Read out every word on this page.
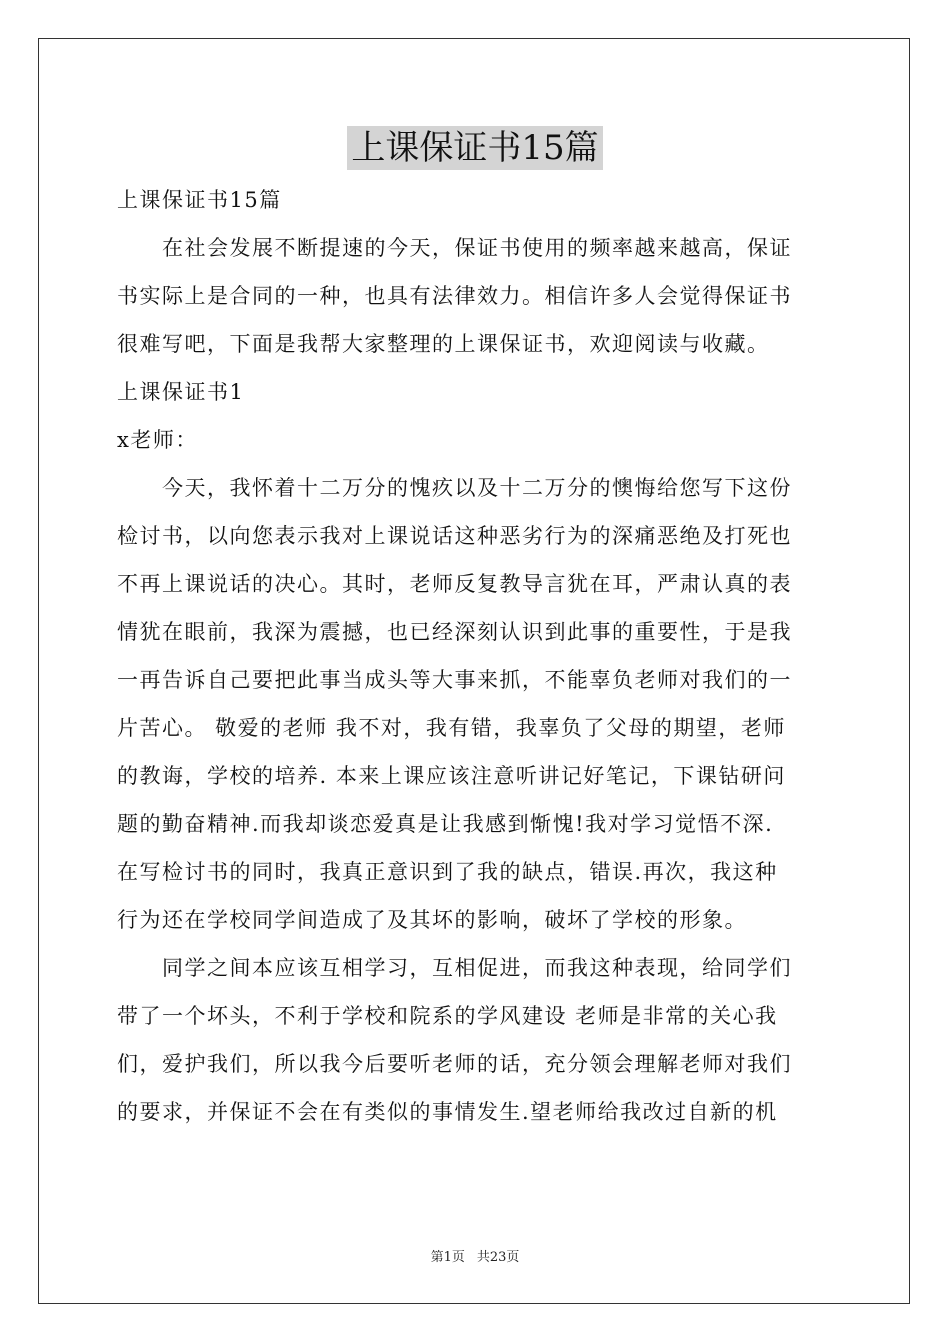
上课保证书15篇
上课保证书15篇
　　在社会发展不断提速的今天，保证书使用的频率越来越高，保证
书实际上是合同的一种，也具有法律效力。相信许多人会觉得保证书
很难写吧，下面是我帮大家整理的上课保证书，欢迎阅读与收藏。
上课保证书1
x老师：
　　今天，我怀着十二万分的愧疚以及十二万分的懊悔给您写下这份
检讨书，以向您表示我对上课说话这种恶劣行为的深痛恶绝及打死也
不再上课说话的决心。其时，老师反复教导言犹在耳，严肃认真的表
情犹在眼前，我深为震撼，也已经深刻认识到此事的重要性，于是我
一再告诉自己要把此事当成头等大事来抓，不能辜负老师对我们的一
片苦心。 敬爱的老师 我不对，我有错，我辜负了父母的期望，老师
的教诲，学校的培养. 本来上课应该注意听讲记好笔记，下课钻研问
题的勤奋精神.而我却谈恋爱真是让我感到惭愧!我对学习觉悟不深.
在写检讨书的同时，我真正意识到了我的缺点，错误.再次，我这种
行为还在学校同学间造成了及其坏的影响，破坏了学校的形象。
　　同学之间本应该互相学习，互相促进，而我这种表现，给同学们
带了一个坏头，不利于学校和院系的学风建设 老师是非常的关心我
们，爱护我们，所以我今后要听老师的话，充分领会理解老师对我们
的要求，并保证不会在有类似的事情发生.望老师给我改过自新的机
第1页 共23页
